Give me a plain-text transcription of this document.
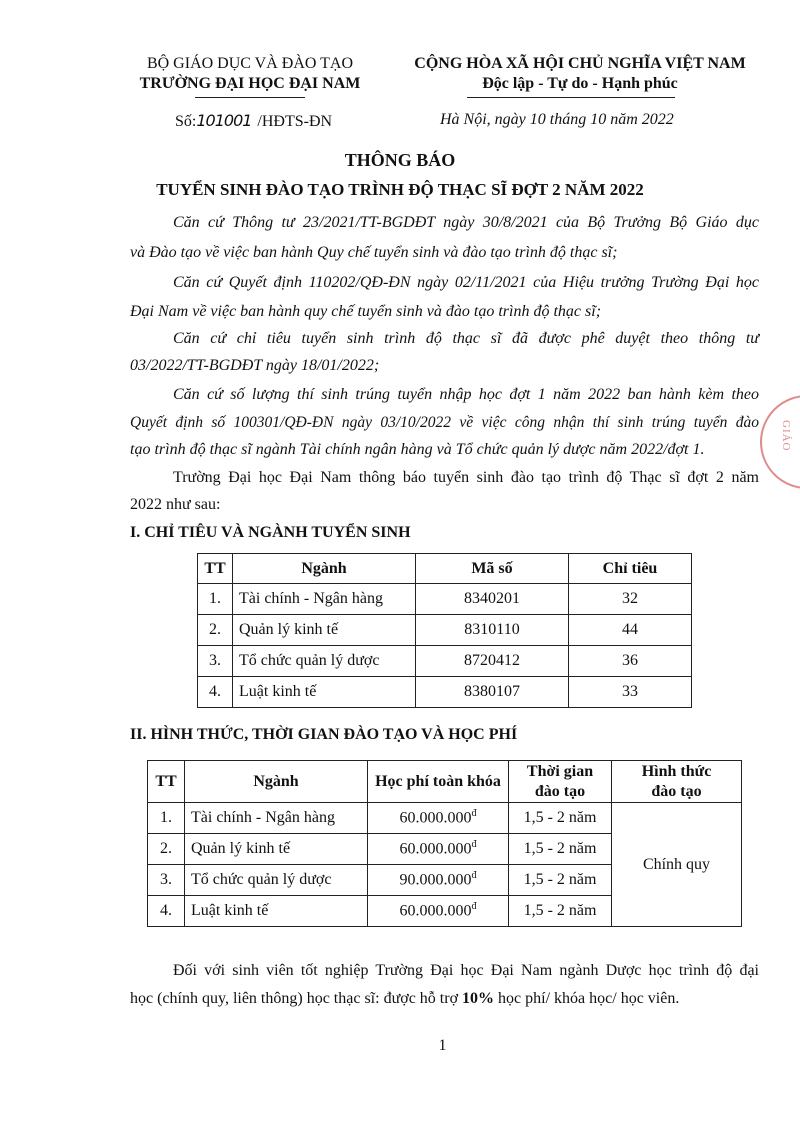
BỘ GIÁO DỤC VÀ ĐÀO TẠO
TRƯỜNG ĐẠI HỌC ĐẠI NAM
Số:101001 /HĐTS-ĐN
CỘNG HÒA XÃ HỘI CHỦ NGHĨA VIỆT NAM
Độc lập - Tự do - Hạnh phúc
Hà Nội, ngày 10 tháng 10 năm 2022
THÔNG BÁO
TUYỂN SINH ĐÀO TẠO TRÌNH ĐỘ THẠC SĨ ĐỢT 2 NĂM 2022
Căn cứ Thông tư 23/2021/TT-BGDĐT ngày 30/8/2021 của Bộ Trưởng Bộ Giáo dục
và Đào tạo về việc ban hành Quy chế tuyển sinh và đào tạo trình độ thạc sĩ;
Căn cứ Quyết định 110202/QĐ-ĐN ngày 02/11/2021 của Hiệu trưởng Trường Đại học
Đại Nam về việc ban hành quy chế tuyển sinh và đào tạo trình độ thạc sĩ;
Căn cứ chỉ tiêu tuyển sinh trình độ thạc sĩ đã được phê duyệt theo thông tư
03/2022/TT-BGDĐT ngày 18/01/2022;
Căn cứ số lượng thí sinh trúng tuyển nhập học đợt 1 năm 2022 ban hành kèm theo
Quyết định số 100301/QĐ-ĐN ngày 03/10/2022 về việc công nhận thí sinh trúng tuyển đào
tạo trình độ thạc sĩ ngành Tài chính ngân hàng và Tổ chức quản lý dược năm 2022/đợt 1.
Trường Đại học Đại Nam thông báo tuyển sinh đào tạo trình độ Thạc sĩ đợt 2 năm
2022 như sau:
I. CHỈ TIÊU VÀ NGÀNH TUYỂN SINH
TT	Ngành	Mã số	Chỉ tiêu
1.	Tài chính - Ngân hàng	8340201	32
2.	Quản lý kinh tế	8310110	44
3.	Tổ chức quản lý dược	8720412	36
4.	Luật kinh tế	8380107	33
II. HÌNH THỨC, THỜI GIAN ĐÀO TẠO VÀ HỌC PHÍ
TT	Ngành	Học phí toàn khóa	Thời gian
đào tạo	Hình thức
đào tạo
1.	Tài chính - Ngân hàng	$60.000.000^đ$	1,5 - 2 năm	Chính quy
2.	Quản lý kinh tế	$60.000.000^đ$	1,5 - 2 năm	
3.	Tổ chức quản lý dược	$90.000.000^đ$	1,5 - 2 năm	
4.	Luật kinh tế	$60.000.000^đ$	1,5 - 2 năm	
Đối với sinh viên tốt nghiệp Trường Đại học Đại Nam ngành Dược học trình độ đại
học (chính quy, liên thông) học thạc sĩ: được hỗ trợ 10% học phí/ khóa học/ học viên.
GIÁO
1
